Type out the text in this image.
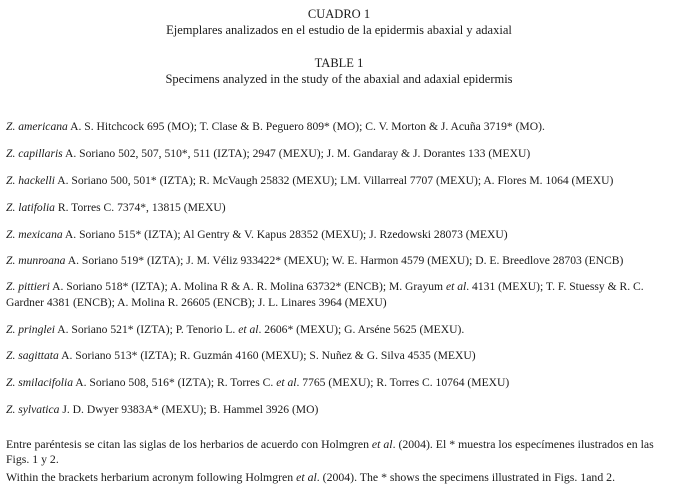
CUADRO 1
Ejemplares analizados en el estudio de la epidermis abaxial y adaxial
TABLE 1
Specimens analyzed in the study of the abaxial and adaxial epidermis
Z. americana A. S. Hitchcock 695 (MO); T. Clase & B. Peguero 809* (MO); C. V. Morton & J. Acuña 3719* (MO).
Z. capillaris A. Soriano 502, 507, 510*, 511 (IZTA); 2947 (MEXU); J. M. Gandaray & J. Dorantes 133 (MEXU)
Z. hackelli A. Soriano 500, 501* (IZTA); R. McVaugh 25832 (MEXU); LM. Villarreal 7707 (MEXU); A. Flores M. 1064 (MEXU)
Z. latifolia R. Torres C. 7374*, 13815 (MEXU)
Z. mexicana A. Soriano 515* (IZTA); Al Gentry & V. Kapus 28352 (MEXU); J. Rzedowski 28073 (MEXU)
Z. munroana A. Soriano 519* (IZTA); J. M. Véliz 933422* (MEXU); W. E. Harmon 4579 (MEXU); D. E. Breedlove 28703 (ENCB)
Z. pittieri A. Soriano 518* (IZTA); A. Molina R & A. R. Molina 63732* (ENCB); M. Grayum et al. 4131 (MEXU); T. F. Stuessy & R. C. Gardner 4381 (ENCB); A. Molina R. 26605 (ENCB); J. L. Linares 3964 (MEXU)
Z. pringlei A. Soriano 521* (IZTA); P. Tenorio L. et al. 2606* (MEXU); G. Arséne 5625 (MEXU).
Z. sagittata A. Soriano 513* (IZTA); R. Guzmán 4160 (MEXU); S. Nuñez & G. Silva 4535 (MEXU)
Z. smilacifolia A. Soriano 508, 516* (IZTA); R. Torres C. et al. 7765 (MEXU); R. Torres C. 10764 (MEXU)
Z. sylvatica J. D. Dwyer 9383A* (MEXU); B. Hammel 3926 (MO)
Entre paréntesis se citan las siglas de los herbarios de acuerdo con Holmgren et al. (2004). El * muestra los especímenes ilustrados en las Figs. 1 y 2.
Within the brackets herbarium acronym following Holmgren et al. (2004). The * shows the specimens illustrated in Figs. 1and 2.
